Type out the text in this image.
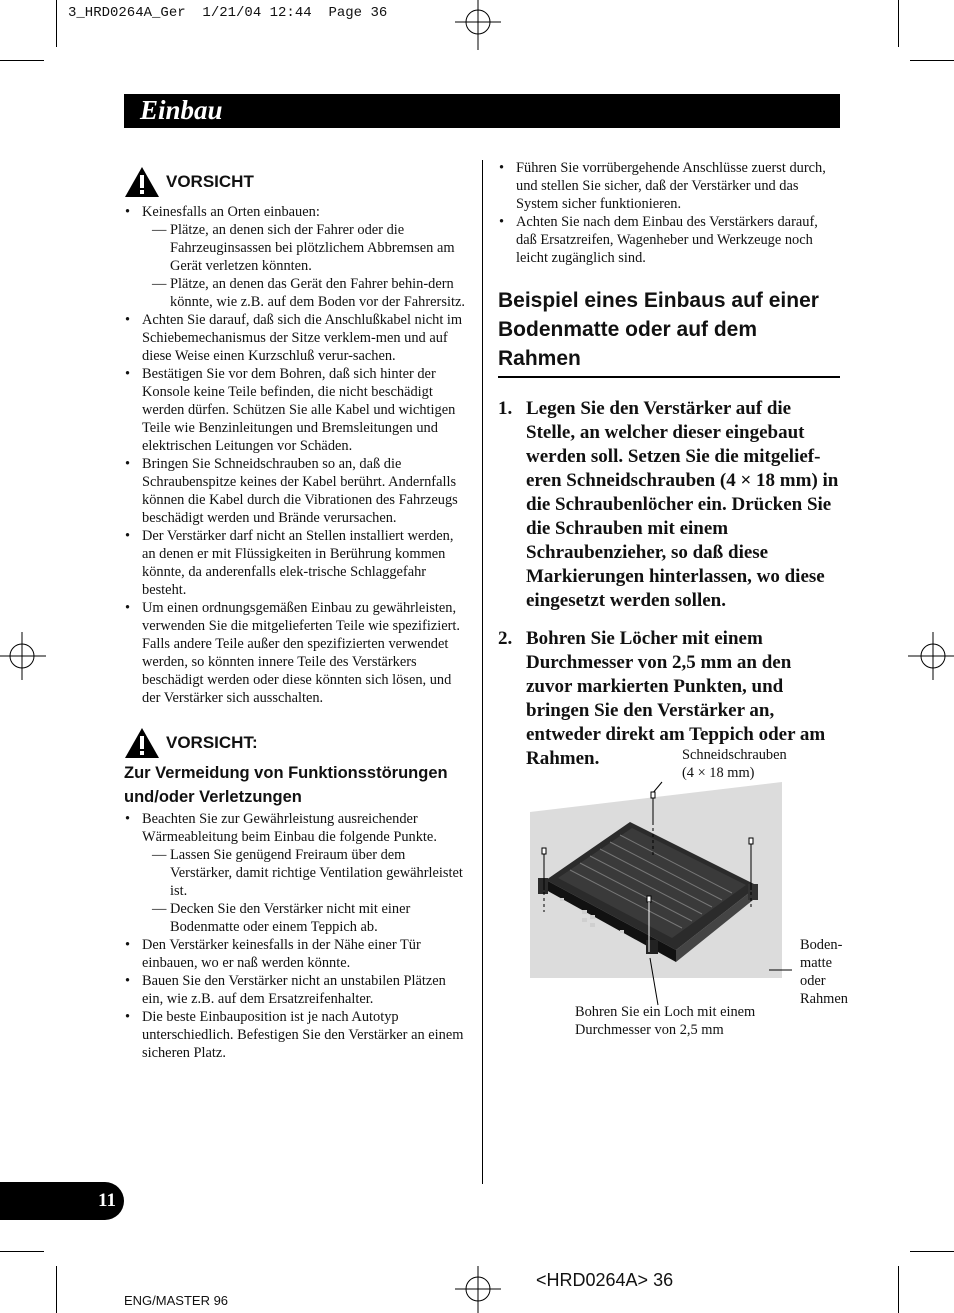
3_HRD0264A_Ger  1/21/04 12:44  Page 36
Einbau
VORSICHT
• Keinesfalls an Orten einbauen:
— Plätze, an denen sich der Fahrer oder die Fahrzeuginsassen bei plötzlichem Abbremsen am Gerät verletzen könnten.
— Plätze, an denen das Gerät den Fahrer behin-dern könnte, wie z.B. auf dem Boden vor der Fahrersitz.
• Achten Sie darauf, daß sich die Anschlußkabel nicht im Schiebemechanismus der Sitze verklem-men und auf diese Weise einen Kurzschluß verur-sachen.
• Bestätigen Sie vor dem Bohren, daß sich hinter der Konsole keine Teile befinden, die nicht beschädigt werden dürfen. Schützen Sie alle Kabel und wichtigen Teile wie Benzinleitungen und Bremsleitungen und elektrischen Leitungen vor Schäden.
• Bringen Sie Schneidschrauben so an, daß die Schraubenspitze keines der Kabel berührt. Andernfalls können die Kabel durch die Vibrationen des Fahrzeugs beschädigt werden und Brände verursachen.
• Der Verstärker darf nicht an Stellen installiert werden, an denen er mit Flüssigkeiten in Berührung kommen könnte, da anderenfalls elek-trische Schlaggefahr besteht.
• Um einen ordnungsgemäßen Einbau zu gewährleisten, verwenden Sie die mitgelieferten Teile wie spezifiziert. Falls andere Teile außer den spezifizierten verwendet werden, so könnten innere Teile des Verstärkers beschädigt werden oder diese könnten sich lösen, und der Verstärker sich ausschalten.
VORSICHT:
Zur Vermeidung von Funktionsstörungen und/oder Verletzungen
• Beachten Sie zur Gewährleistung ausreichender Wärmeableitung beim Einbau die folgende Punkte.
— Lassen Sie genügend Freiraum über dem Verstärker, damit richtige Ventilation gewährleistet ist.
— Decken Sie den Verstärker nicht mit einer Bodenmatte oder einem Teppich ab.
• Den Verstärker keinesfalls in der Nähe einer Tür einbauen, wo er naß werden könnte.
• Bauen Sie den Verstärker nicht an unstabilen Plätzen ein, wie z.B. auf dem Ersatzreifenhalter.
• Die beste Einbauposition ist je nach Autotyp unterschiedlich. Befestigen Sie den Verstärker an einem sicheren Platz.
• Führen Sie vorrübergehende Anschlüsse zuerst durch, und stellen Sie sicher, daß der Verstärker und das System sicher funktionieren.
• Achten Sie nach dem Einbau des Verstärkers darauf, daß Ersatzreifen, Wagenheber und Werkzeuge noch leicht zugänglich sind.
Beispiel eines Einbaus auf einer Bodenmatte oder auf dem Rahmen
1. Legen Sie den Verstärker auf die Stelle, an welcher dieser eingebaut werden soll. Setzen Sie die mitgelief-eren Schneidschrauben (4 × 18 mm) in die Schraubenlöcher ein. Drücken Sie die Schrauben mit einem Schraubenzieher, so daß diese Markierungen hinterlassen, wo diese eingesetzt werden sollen.
2. Bohren Sie Löcher mit einem Durchmesser von 2,5 mm an den zuvor markierten Punkten, und bringen Sie den Verstärker an, entweder direkt am Teppich oder am Rahmen.	Schneidschrauben
(4 × 18 mm)
Boden-
matte
oder
Rahmen
Bohren Sie ein Loch mit einem
Durchmesser von 2,5 mm
11
ENG/MASTER 96
<HRD0264A> 36
